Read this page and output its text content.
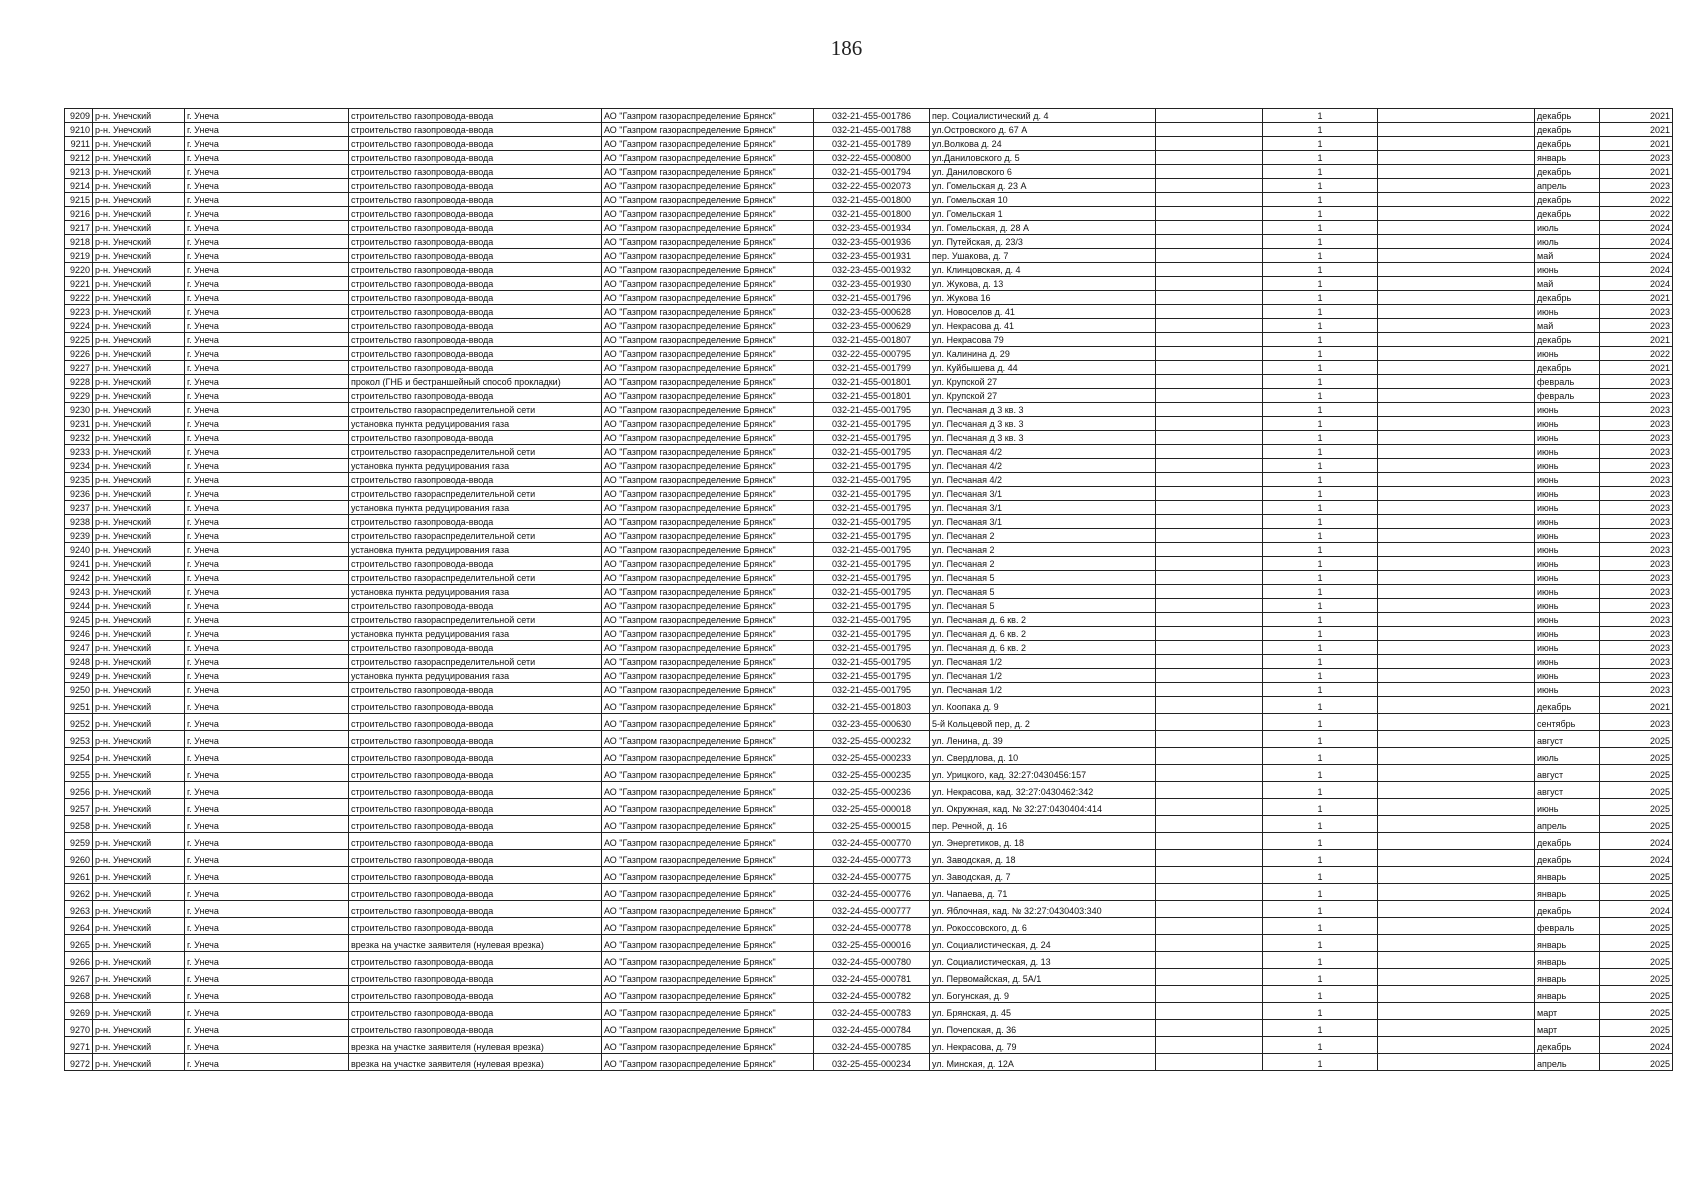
186
9209	р-н. Унечский	г. Унеча	строительство газопровода-ввода	АО "Газпром газораспределение Брянск"	032-21-455-001786	пер. Социалистический д. 4		1		декабрь	2021
9210	р-н. Унечский	г. Унеча	строительство газопровода-ввода	АО "Газпром газораспределение Брянск"	032-21-455-001788	ул.Островского д. 67 А		1		декабрь	2021
9211	р-н. Унечский	г. Унеча	строительство газопровода-ввода	АО "Газпром газораспределение Брянск"	032-21-455-001789	ул.Волкова д. 24		1		декабрь	2021
9212	р-н. Унечский	г. Унеча	строительство газопровода-ввода	АО "Газпром газораспределение Брянск"	032-22-455-000800	ул.Даниловского д. 5		1		январь	2023
9213	р-н. Унечский	г. Унеча	строительство газопровода-ввода	АО "Газпром газораспределение Брянск"	032-21-455-001794	ул. Даниловского 6		1		декабрь	2021
9214	р-н. Унечский	г. Унеча	строительство газопровода-ввода	АО "Газпром газораспределение Брянск"	032-22-455-002073	ул. Гомельская д. 23 А		1		апрель	2023
9215	р-н. Унечский	г. Унеча	строительство газопровода-ввода	АО "Газпром газораспределение Брянск"	032-21-455-001800	ул. Гомельская 10		1		декабрь	2022
9216	р-н. Унечский	г. Унеча	строительство газопровода-ввода	АО "Газпром газораспределение Брянск"	032-21-455-001800	ул. Гомельская 1		1		декабрь	2022
9217	р-н. Унечский	г. Унеча	строительство газопровода-ввода	АО "Газпром газораспределение Брянск"	032-23-455-001934	ул. Гомельская, д. 28 А		1		июль	2024
9218	р-н. Унечский	г. Унеча	строительство газопровода-ввода	АО "Газпром газораспределение Брянск"	032-23-455-001936	ул. Путейская, д. 23/3		1		июль	2024
9219	р-н. Унечский	г. Унеча	строительство газопровода-ввода	АО "Газпром газораспределение Брянск"	032-23-455-001931	пер. Ушакова, д. 7		1		май	2024
9220	р-н. Унечский	г. Унеча	строительство газопровода-ввода	АО "Газпром газораспределение Брянск"	032-23-455-001932	ул. Клинцовская, д. 4		1		июнь	2024
9221	р-н. Унечский	г. Унеча	строительство газопровода-ввода	АО "Газпром газораспределение Брянск"	032-23-455-001930	ул. Жукова, д. 13		1		май	2024
9222	р-н. Унечский	г. Унеча	строительство газопровода-ввода	АО "Газпром газораспределение Брянск"	032-21-455-001796	ул. Жукова 16		1		декабрь	2021
9223	р-н. Унечский	г. Унеча	строительство газопровода-ввода	АО "Газпром газораспределение Брянск"	032-23-455-000628	ул. Новоселов д. 41		1		июнь	2023
9224	р-н. Унечский	г. Унеча	строительство газопровода-ввода	АО "Газпром газораспределение Брянск"	032-23-455-000629	ул. Некрасова д. 41		1		май	2023
9225	р-н. Унечский	г. Унеча	строительство газопровода-ввода	АО "Газпром газораспределение Брянск"	032-21-455-001807	ул. Некрасова 79		1		декабрь	2021
9226	р-н. Унечский	г. Унеча	строительство газопровода-ввода	АО "Газпром газораспределение Брянск"	032-22-455-000795	ул. Калинина д. 29		1		июнь	2022
9227	р-н. Унечский	г. Унеча	строительство газопровода-ввода	АО "Газпром газораспределение Брянск"	032-21-455-001799	ул. Куйбышева д. 44		1		декабрь	2021
9228	р-н. Унечский	г. Унеча	прокол (ГНБ и бестраншейный способ прокладки)	АО "Газпром газораспределение Брянск"	032-21-455-001801	ул. Крупской 27		1		февраль	2023
9229	р-н. Унечский	г. Унеча	строительство газопровода-ввода	АО "Газпром газораспределение Брянск"	032-21-455-001801	ул. Крупской 27		1		февраль	2023
9230	р-н. Унечский	г. Унеча	строительство газораспределительной сети	АО "Газпром газораспределение Брянск"	032-21-455-001795	ул. Песчаная д 3 кв. 3		1		июнь	2023
9231	р-н. Унечский	г. Унеча	установка пункта редуцирования газа	АО "Газпром газораспределение Брянск"	032-21-455-001795	ул. Песчаная д 3 кв. 3		1		июнь	2023
9232	р-н. Унечский	г. Унеча	строительство газопровода-ввода	АО "Газпром газораспределение Брянск"	032-21-455-001795	ул. Песчаная д 3 кв. 3		1		июнь	2023
9233	р-н. Унечский	г. Унеча	строительство газораспределительной сети	АО "Газпром газораспределение Брянск"	032-21-455-001795	ул. Песчаная 4/2		1		июнь	2023
9234	р-н. Унечский	г. Унеча	установка пункта редуцирования газа	АО "Газпром газораспределение Брянск"	032-21-455-001795	ул. Песчаная 4/2		1		июнь	2023
9235	р-н. Унечский	г. Унеча	строительство газопровода-ввода	АО "Газпром газораспределение Брянск"	032-21-455-001795	ул. Песчаная 4/2		1		июнь	2023
9236	р-н. Унечский	г. Унеча	строительство газораспределительной сети	АО "Газпром газораспределение Брянск"	032-21-455-001795	ул. Песчаная 3/1		1		июнь	2023
9237	р-н. Унечский	г. Унеча	установка пункта редуцирования газа	АО "Газпром газораспределение Брянск"	032-21-455-001795	ул. Песчаная 3/1		1		июнь	2023
9238	р-н. Унечский	г. Унеча	строительство газопровода-ввода	АО "Газпром газораспределение Брянск"	032-21-455-001795	ул. Песчаная 3/1		1		июнь	2023
9239	р-н. Унечский	г. Унеча	строительство газораспределительной сети	АО "Газпром газораспределение Брянск"	032-21-455-001795	ул. Песчаная 2		1		июнь	2023
9240	р-н. Унечский	г. Унеча	установка пункта редуцирования газа	АО "Газпром газораспределение Брянск"	032-21-455-001795	ул. Песчаная 2		1		июнь	2023
9241	р-н. Унечский	г. Унеча	строительство газопровода-ввода	АО "Газпром газораспределение Брянск"	032-21-455-001795	ул. Песчаная 2		1		июнь	2023
9242	р-н. Унечский	г. Унеча	строительство газораспределительной сети	АО "Газпром газораспределение Брянск"	032-21-455-001795	ул. Песчаная 5		1		июнь	2023
9243	р-н. Унечский	г. Унеча	установка пункта редуцирования газа	АО "Газпром газораспределение Брянск"	032-21-455-001795	ул. Песчаная 5		1		июнь	2023
9244	р-н. Унечский	г. Унеча	строительство газопровода-ввода	АО "Газпром газораспределение Брянск"	032-21-455-001795	ул. Песчаная 5		1		июнь	2023
9245	р-н. Унечский	г. Унеча	строительство газораспределительной сети	АО "Газпром газораспределение Брянск"	032-21-455-001795	ул. Песчаная д. 6 кв. 2		1		июнь	2023
9246	р-н. Унечский	г. Унеча	установка пункта редуцирования газа	АО "Газпром газораспределение Брянск"	032-21-455-001795	ул. Песчаная д. 6 кв. 2		1		июнь	2023
9247	р-н. Унечский	г. Унеча	строительство газопровода-ввода	АО "Газпром газораспределение Брянск"	032-21-455-001795	ул. Песчаная д. 6 кв. 2		1		июнь	2023
9248	р-н. Унечский	г. Унеча	строительство газораспределительной сети	АО "Газпром газораспределение Брянск"	032-21-455-001795	ул. Песчаная 1/2		1		июнь	2023
9249	р-н. Унечский	г. Унеча	установка пункта редуцирования газа	АО "Газпром газораспределение Брянск"	032-21-455-001795	ул. Песчаная 1/2		1		июнь	2023
9250	р-н. Унечский	г. Унеча	строительство газопровода-ввода	АО "Газпром газораспределение Брянск"	032-21-455-001795	ул. Песчаная 1/2		1		июнь	2023
9251	р-н. Унечский	г. Унеча	строительство газопровода-ввода	АО "Газпром газораспределение Брянск"	032-21-455-001803	ул. Коопака д. 9		1		декабрь	2021
9252	р-н. Унечский	г. Унеча	строительство газопровода-ввода	АО "Газпром газораспределение Брянск"	032-23-455-000630	5-й Кольцевой пер, д. 2		1		сентябрь	2023
9253	р-н. Унечский	г. Унеча	строительство газопровода-ввода	АО "Газпром газораспределение Брянск"	032-25-455-000232	ул. Ленина, д. 39		1		август	2025
9254	р-н. Унечский	г. Унеча	строительство газопровода-ввода	АО "Газпром газораспределение Брянск"	032-25-455-000233	ул. Свердлова, д. 10		1		июль	2025
9255	р-н. Унечский	г. Унеча	строительство газопровода-ввода	АО "Газпром газораспределение Брянск"	032-25-455-000235	ул. Урицкого, кад. 32:27:0430456:157		1		август	2025
9256	р-н. Унечский	г. Унеча	строительство газопровода-ввода	АО "Газпром газораспределение Брянск"	032-25-455-000236	ул. Некрасова, кад. 32:27:0430462:342		1		август	2025
9257	р-н. Унечский	г. Унеча	строительство газопровода-ввода	АО "Газпром газораспределение Брянск"	032-25-455-000018	ул. Окружная, кад. № 32:27:0430404:414		1		июнь	2025
9258	р-н. Унечский	г. Унеча	строительство газопровода-ввода	АО "Газпром газораспределение Брянск"	032-25-455-000015	пер. Речной, д. 16		1		апрель	2025
9259	р-н. Унечский	г. Унеча	строительство газопровода-ввода	АО "Газпром газораспределение Брянск"	032-24-455-000770	ул. Энергетиков, д. 18		1		декабрь	2024
9260	р-н. Унечский	г. Унеча	строительство газопровода-ввода	АО "Газпром газораспределение Брянск"	032-24-455-000773	ул. Заводская, д. 18		1		декабрь	2024
9261	р-н. Унечский	г. Унеча	строительство газопровода-ввода	АО "Газпром газораспределение Брянск"	032-24-455-000775	ул. Заводская, д. 7		1		январь	2025
9262	р-н. Унечский	г. Унеча	строительство газопровода-ввода	АО "Газпром газораспределение Брянск"	032-24-455-000776	ул. Чапаева, д. 71		1		январь	2025
9263	р-н. Унечский	г. Унеча	строительство газопровода-ввода	АО "Газпром газораспределение Брянск"	032-24-455-000777	ул. Яблочная, кад. № 32:27:0430403:340		1		декабрь	2024
9264	р-н. Унечский	г. Унеча	строительство газопровода-ввода	АО "Газпром газораспределение Брянск"	032-24-455-000778	ул. Рокоссовского, д. 6		1		февраль	2025
9265	р-н. Унечский	г. Унеча	врезка на участке заявителя (нулевая врезка)	АО "Газпром газораспределение Брянск"	032-25-455-000016	ул. Социалистическая, д. 24		1		январь	2025
9266	р-н. Унечский	г. Унеча	строительство газопровода-ввода	АО "Газпром газораспределение Брянск"	032-24-455-000780	ул. Социалистическая, д. 13		1		январь	2025
9267	р-н. Унечский	г. Унеча	строительство газопровода-ввода	АО "Газпром газораспределение Брянск"	032-24-455-000781	ул. Первомайская, д. 5А/1		1		январь	2025
9268	р-н. Унечский	г. Унеча	строительство газопровода-ввода	АО "Газпром газораспределение Брянск"	032-24-455-000782	ул. Богунская, д. 9		1		январь	2025
9269	р-н. Унечский	г. Унеча	строительство газопровода-ввода	АО "Газпром газораспределение Брянск"	032-24-455-000783	ул. Брянская, д. 45		1		март	2025
9270	р-н. Унечский	г. Унеча	строительство газопровода-ввода	АО "Газпром газораспределение Брянск"	032-24-455-000784	ул. Почепская, д. 36		1		март	2025
9271	р-н. Унечский	г. Унеча	врезка на участке заявителя (нулевая врезка)	АО "Газпром газораспределение Брянск"	032-24-455-000785	ул. Некрасова, д. 79		1		декабрь	2024
9272	р-н. Унечский	г. Унеча	врезка на участке заявителя (нулевая врезка)	АО "Газпром газораспределение Брянск"	032-25-455-000234	ул. Минская, д. 12А		1		апрель	2025
